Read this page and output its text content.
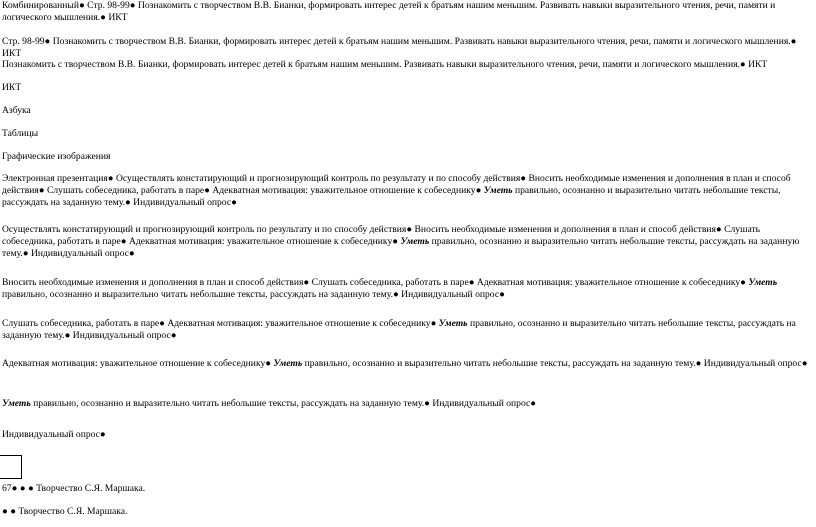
Комбинированный● Стр. 98-99● Познакомить с творчеством В.В. Бианки, формировать интерес детей к братьям нашим меньшим. Развивать навыки выразительного чтения, речи, памяти и логического мышления.● ИКТ

Стр. 98-99● Познакомить с творчеством В.В. Бианки, формировать интерес детей к братьям нашим меньшим. Развивать навыки выразительного чтения, речи, памяти и логического мышления.● ИКТ

Познакомить с творчеством В.В. Бианки, формировать интерес детей к братьям нашим меньшим. Развивать навыки выразительного чтения, речи, памяти и логического мышления.● ИКТ

ИКТ

Азбука

Таблицы

Графические изображения

Электронная презентация● Осуществлять констатирующий и прогнозирующий контроль по результату и по способу действия● Вносить необходимые изменения и дополнения в план и способ действия● Слушать собеседника, работать в паре● Адекватная мотивация: уважительное отношение к собеседнику● Уметь правильно, осознанно и выразительно читать небольшие тексты, рассуждать на заданную тему.● Индивидуальный опрос●

Осуществлять констатирующий и прогнозирующий контроль по результату и по способу действия● Вносить необходимые изменения и дополнения в план и способ действия● Слушать собеседника, работать в паре● Адекватная мотивация: уважительное отношение к собеседнику● Уметь правильно, осознанно и выразительно читать небольшие тексты, рассуждать на заданную тему.● Индивидуальный опрос●

Вносить необходимые изменения и дополнения в план и способ действия● Слушать собеседника, работать в паре● Адекватная мотивация: уважительное отношение к собеседнику● Уметь правильно, осознанно и выразительно читать небольшие тексты, рассуждать на заданную тему.● Индивидуальный опрос●

Слушать собеседника, работать в паре● Адекватная мотивация: уважительное отношение к собеседнику● Уметь правильно, осознанно и выразительно читать небольшие тексты, рассуждать на заданную тему.● Индивидуальный опрос●

Адекватная мотивация: уважительное отношение к собеседнику● Уметь правильно, осознанно и выразительно читать небольшие тексты, рассуждать на заданную тему.● Индивидуальный опрос●

Уметь правильно, осознанно и выразительно читать небольшие тексты, рассуждать на заданную тему.● Индивидуальный опрос●

Индивидуальный опрос●

67● ● ● Творчество С.Я. Маршака.

● ● Творчество С.Я. Маршака.
